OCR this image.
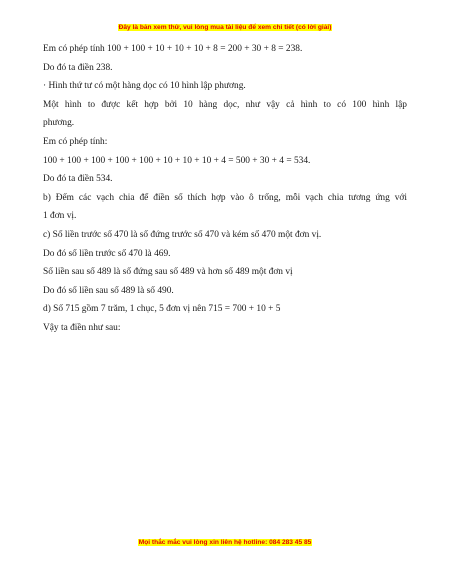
Đây là bản xem thử, vui lòng mua tài liệu để xem chi tiết (có lời giải)
Em có phép tính 100 + 100 + 10 + 10 + 10 + 8 = 200 + 30 + 8 = 238.
Do đó ta điền 238.
· Hình thứ tư có một hàng dọc có 10 hình lập phương.
Một hình to được kết hợp bởi 10 hàng dọc, như vậy cả hình to có 100 hình lập
phương.
Em có phép tính:
100 + 100 + 100 + 100 + 100 + 10 + 10 + 10 + 4 = 500 + 30 + 4 = 534.
Do đó ta điền 534.
b) Đếm các vạch chia để điền số thích hợp vào ô trống, mỗi vạch chia tương ứng với
1 đơn vị.
c) Số liền trước số 470 là số đứng trước số 470 và kém số 470 một đơn vị.
Do đó số liền trước số 470 là 469.
Số liền sau số 489 là số đứng sau số 489 và hơn số 489 một đơn vị
Do đó số liền sau số 489 là số 490.
d) Số 715 gồm 7 trăm, 1 chục, 5 đơn vị nên 715 = 700 + 10 + 5
Vậy ta điền như sau:
Mọi thắc mắc vui lòng xin liên hệ hotline: 084 283 45 85
